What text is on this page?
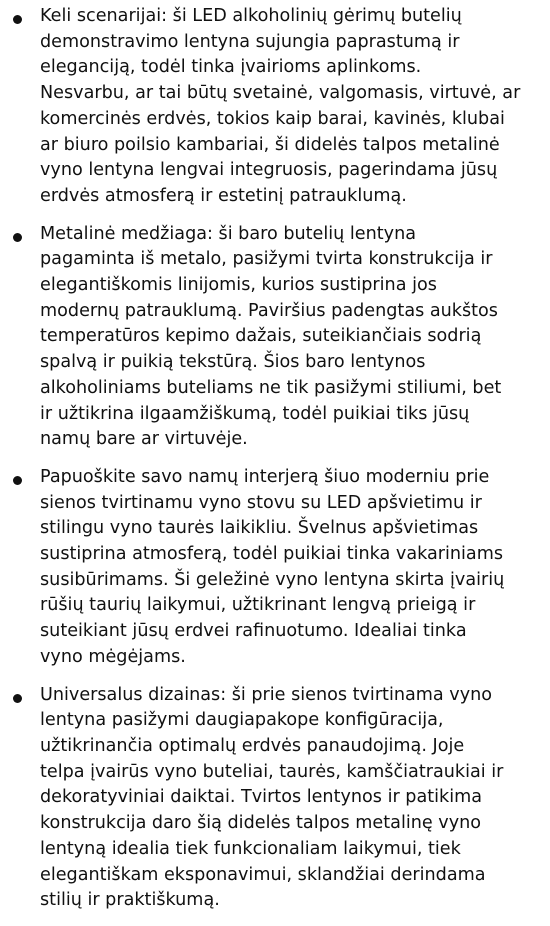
Keli scenarijai: ši LED alkoholinių gėrimų butelių
demonstravimo lentyna sujungia paprastumą ir
eleganciją, todėl tinka įvairioms aplinkoms.
Nesvarbu, ar tai būtų svetainė, valgomasis, virtuvė, ar
komercinės erdvės, tokios kaip barai, kavinės, klubai
ar biuro poilsio kambariai, ši didelės talpos metalinė
vyno lentyna lengvai integruosis, pagerindama jūsų
erdvės atmosferą ir estetinį patrauklumą.
Metalinė medžiaga: ši baro butelių lentyna
pagaminta iš metalo, pasižymi tvirta konstrukcija ir
elegantiškomis linijomis, kurios sustiprina jos
modernų patrauklumą. Paviršius padengtas aukštos
temperatūros kepimo dažais, suteikiančiais sodrią
spalvą ir puikią tekstūrą. Šios baro lentynos
alkoholiniams buteliams ne tik pasižymi stiliumi, bet
ir užtikrina ilgaamžiškumą, todėl puikiai tiks jūsų
namų bare ar virtuvėje.
Papuoškite savo namų interjerą šiuo moderniu prie
sienos tvirtinamu vyno stovu su LED apšvietimu ir
stilingu vyno taurės laikikliu. Švelnus apšvietimas
sustiprina atmosferą, todėl puikiai tinka vakariniams
susibūrimams. Ši geležinė vyno lentyna skirta įvairių
rūšių taurių laikymui, užtikrinant lengvą prieigą ir
suteikiant jūsų erdvei rafinuotumo. Idealiai tinka
vyno mėgėjams.
Universalus dizainas: ši prie sienos tvirtinama vyno
lentyna pasižymi daugiapakope konfigūracija,
užtikrinančia optimalų erdvės panaudojimą. Joje
telpa įvairūs vyno buteliai, taurės, kamščiatraukiai ir
dekoratyviniai daiktai. Tvirtos lentynos ir patikima
konstrukcija daro šią didelės talpos metalinę vyno
lentyną idealia tiek funkcionaliam laikymui, tiek
elegantiškam eksponavimui, sklandžiai derindama
stilių ir praktiškumą.
